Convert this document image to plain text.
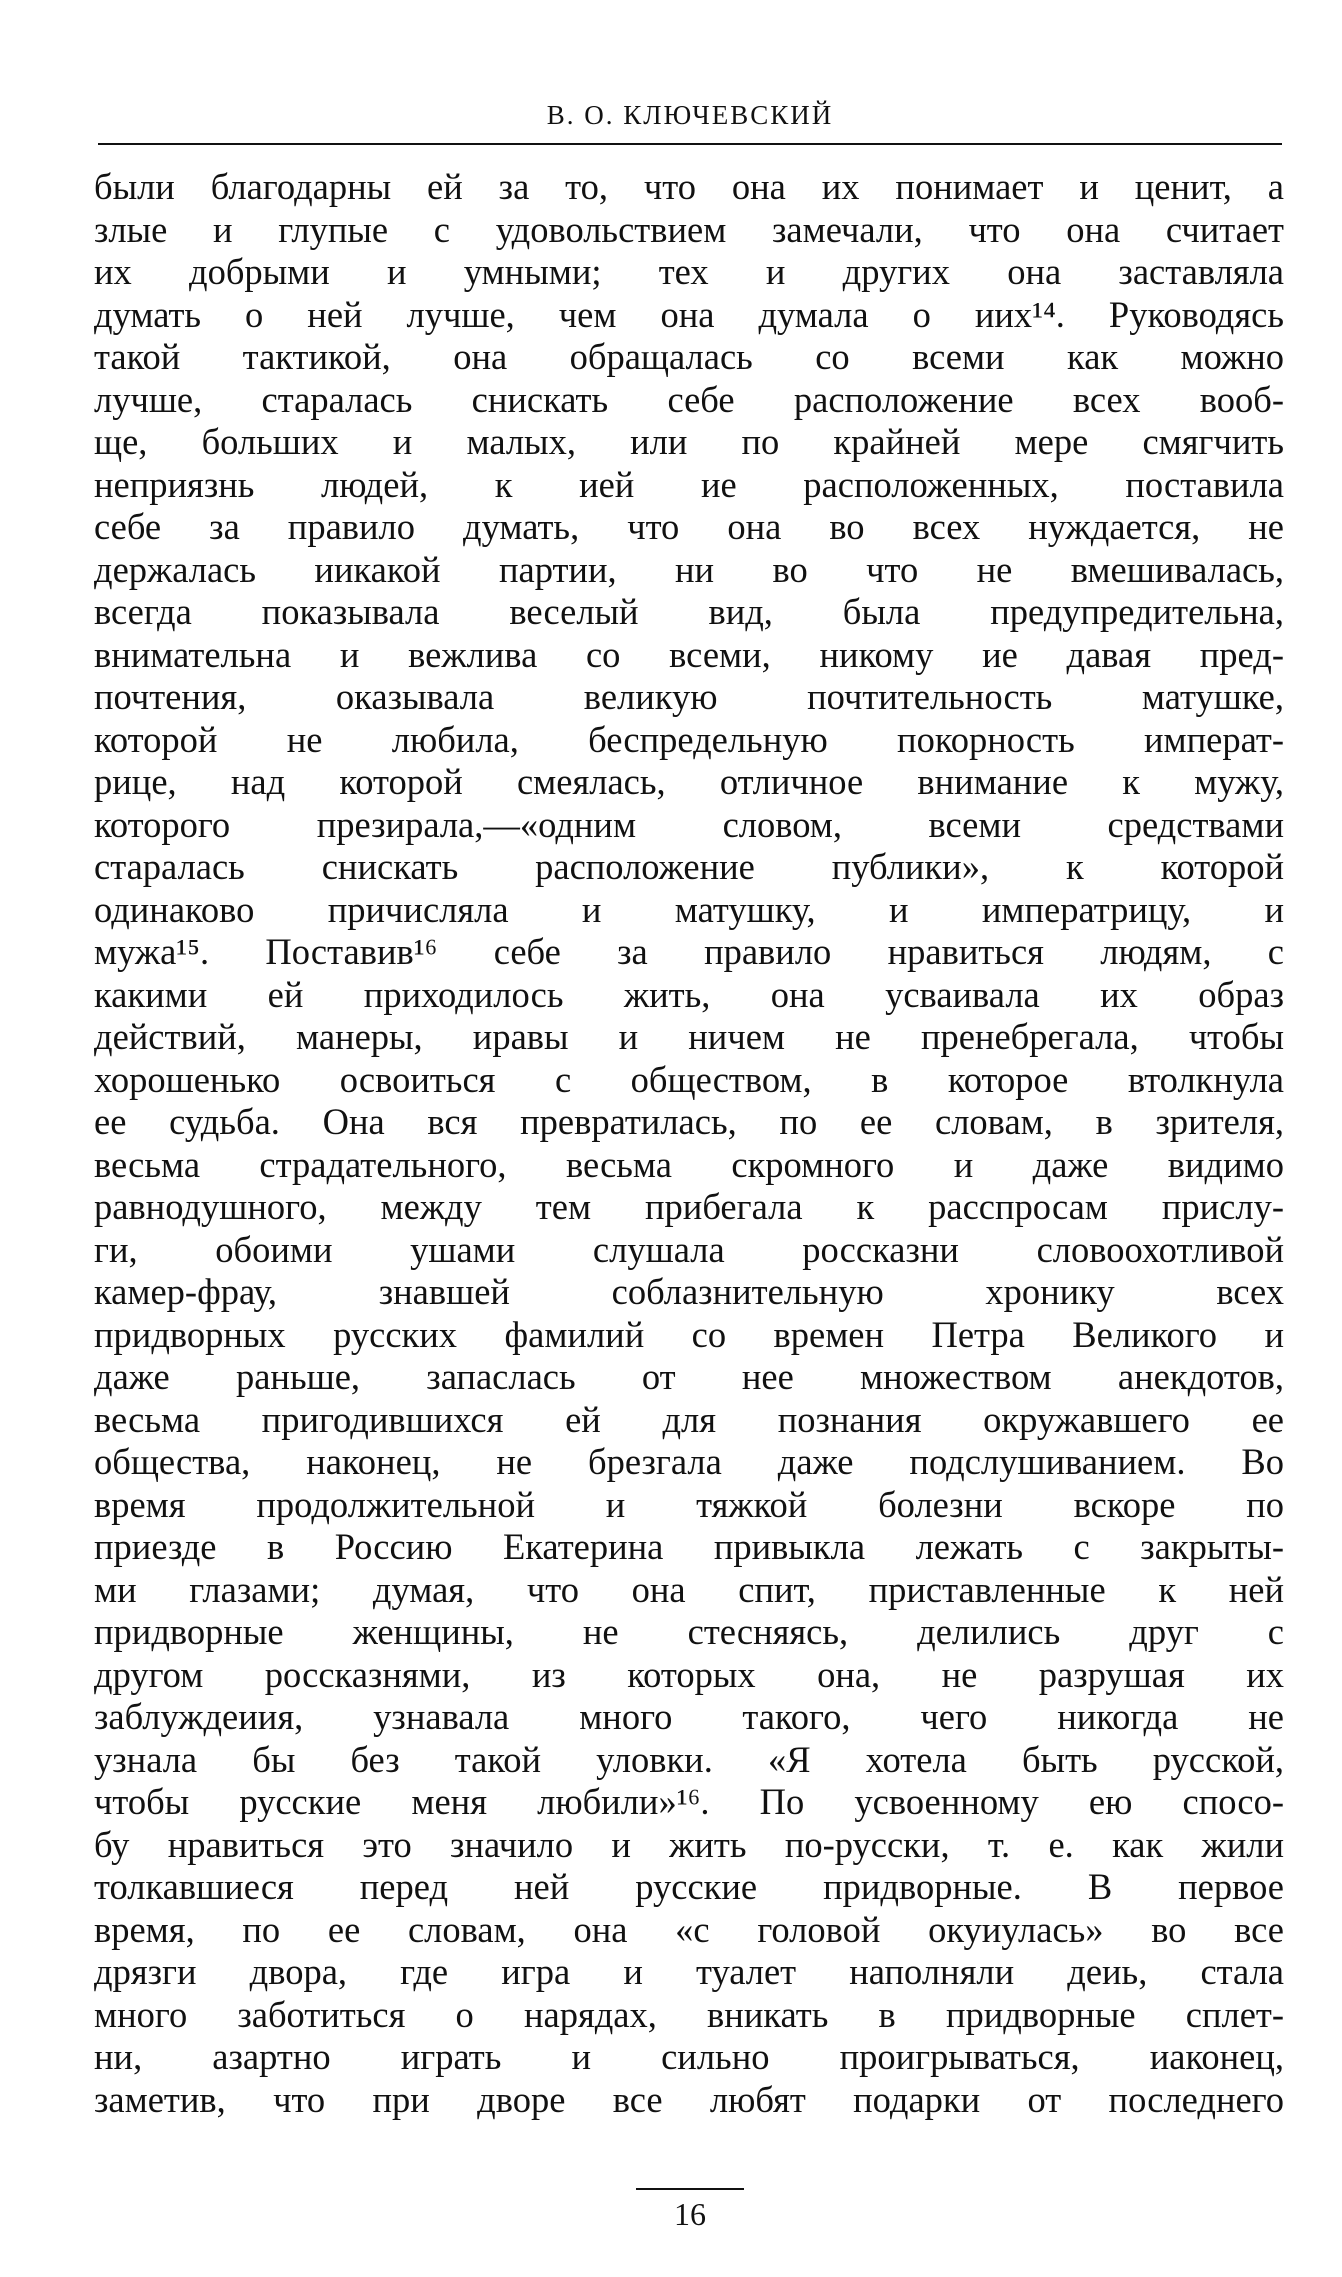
В. О. КЛЮЧЕВСКИЙ
были благодарны ей за то, что она их понимает и ценит, а
злые и глупые с удовольствием замечали, что она считает
их добрыми и умными; тех и других она заставляла
думать о ней лучше, чем она думала о иих¹⁴. Руководясь
такой тактикой, она обращалась со всеми как можно
лучше, старалась снискать себе расположение всех вооб-
ще, больших и малых, или по крайней мере смягчить
неприязнь людей, к ией ие расположенных, поставила
себе за правило думать, что она во всех нуждается, не
держалась иикакой партии, ни во что не вмешивалась,
всегда показывала веселый вид, была предупредительна,
внимательна и вежлива со всеми, никому ие давая пред-
почтения, оказывала великую почтительность матушке,
которой не любила, беспредельную покорность императ-
рице, над которой смеялась, отличное внимание к мужу,
которого презирала,—«одним словом, всеми средствами
старалась снискать расположение публики», к которой
одинаково причисляла и матушку, и императрицу, и
мужа¹⁵. Поставив¹⁶ себе за правило нравиться людям, с
какими ей приходилось жить, она усваивала их образ
действий, манеры, иравы и ничем не пренебрегала, чтобы
хорошенько освоиться с обществом, в которое втолкнула
ее судьба. Она вся превратилась, по ее словам, в зрителя,
весьма страдательного, весьма скромного и даже видимо
равнодушного, между тем прибегала к расспросам прислу-
ги, обоими ушами слушала россказни словоохотливой
камер-фрау, знавшей соблазнительную хронику всех
придворных русских фамилий со времен Петра Великого и
даже раньше, запаслась от нее множеством анекдотов,
весьма пригодившихся ей для познания окружавшего ее
общества, наконец, не брезгала даже подслушиванием. Во
время продолжительной и тяжкой болезни вскоре по
приезде в Россию Екатерина привыкла лежать с закрыты-
ми глазами; думая, что она спит, приставленные к ней
придворные женщины, не стесняясь, делились друг с
другом россказнями, из которых она, не разрушая их
заблуждеиия, узнавала много такого, чего никогда не
узнала бы без такой уловки. «Я хотела быть русской,
чтобы русские меня любили»¹⁶. По усвоенному ею спосо-
бу нравиться это значило и жить по-русски, т. е. как жили
толкавшиеся перед ней русские придворные. В первое
время, по ее словам, она «с головой окуиулась» во все
дрязги двора, где игра и туалет наполняли деиь, стала
много заботиться о нарядах, вникать в придворные сплет-
ни, азартно играть и сильно проигрываться, иаконец,
заметив, что при дворе все любят подарки от последнего
16
